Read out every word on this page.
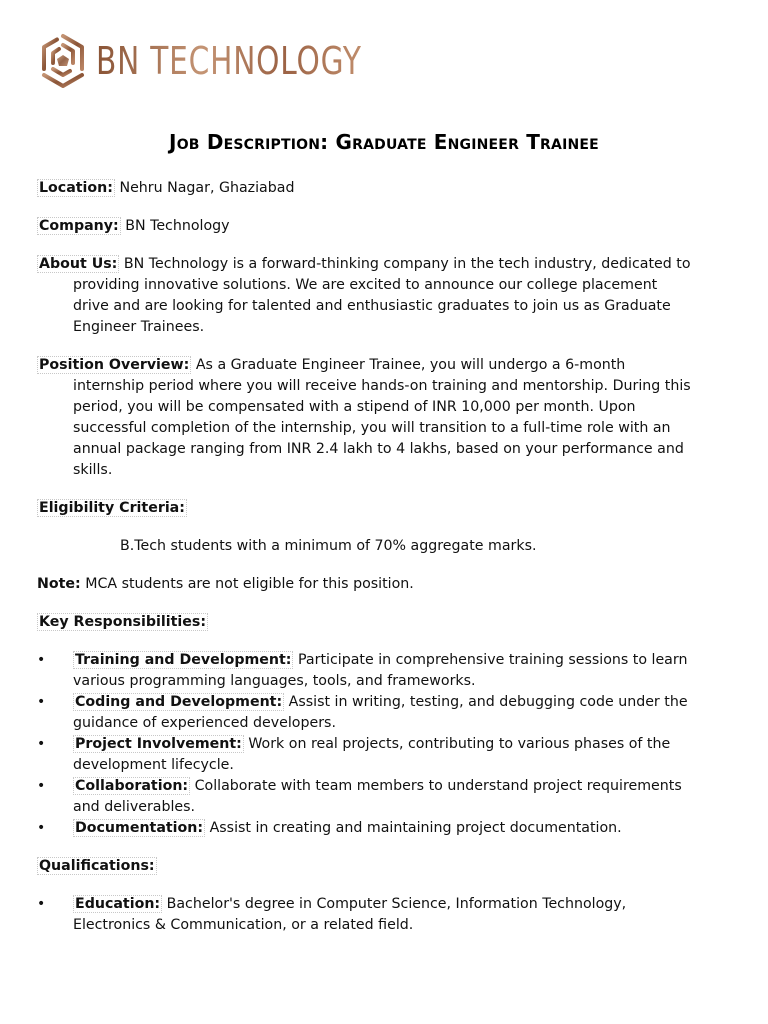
BN TECHNOLOGY
Job Description: Graduate Engineer Trainee

Location: Nehru Nagar, Ghaziabad

Company: BN Technology

About Us: BN Technology is a forward-thinking company in the tech industry, dedicated to providing innovative solutions. We are excited to announce our college placement drive and are looking for talented and enthusiastic graduates to join us as Graduate Engineer Trainees.

Position Overview: As a Graduate Engineer Trainee, you will undergo a 6-month internship period where you will receive hands-on training and mentorship. During this period, you will be compensated with a stipend of INR 10,000 per month. Upon successful completion of the internship, you will transition to a full-time role with an annual package ranging from INR 2.4 lakh to 4 lakhs, based on your performance and skills.

Eligibility Criteria:

B.Tech students with a minimum of 70% aggregate marks.

Note: MCA students are not eligible for this position.

Key Responsibilities:

• Training and Development: Participate in comprehensive training sessions to learn various programming languages, tools, and frameworks.
• Coding and Development: Assist in writing, testing, and debugging code under the guidance of experienced developers.
• Project Involvement: Work on real projects, contributing to various phases of the development lifecycle.
• Collaboration: Collaborate with team members to understand project requirements and deliverables.
• Documentation: Assist in creating and maintaining project documentation.

Qualifications:

• Education: Bachelor's degree in Computer Science, Information Technology, Electronics & Communication, or a related field.
